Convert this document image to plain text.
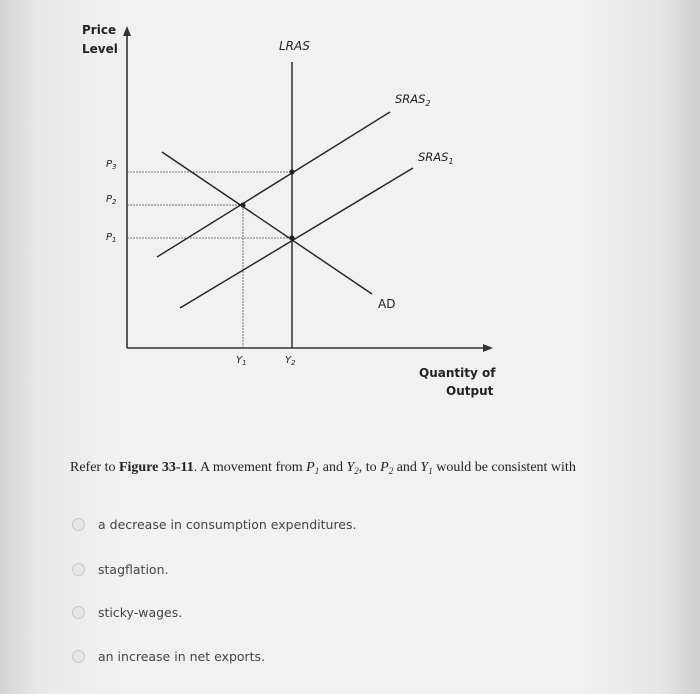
Price
Level
Quantity of
Output
LRAS
$SRAS_2$
$SRAS_1$
AD
$P_3$
$P_2$
$P_1$
$Y_1$	$Y_2$
Refer to Figure 33-11. A movement from $P_1$ and $Y_2$, to $P_2$ and $Y_1$ would be consistent with
a decrease in consumption expenditures.
stagflation.
sticky-wages.
an increase in net exports.
